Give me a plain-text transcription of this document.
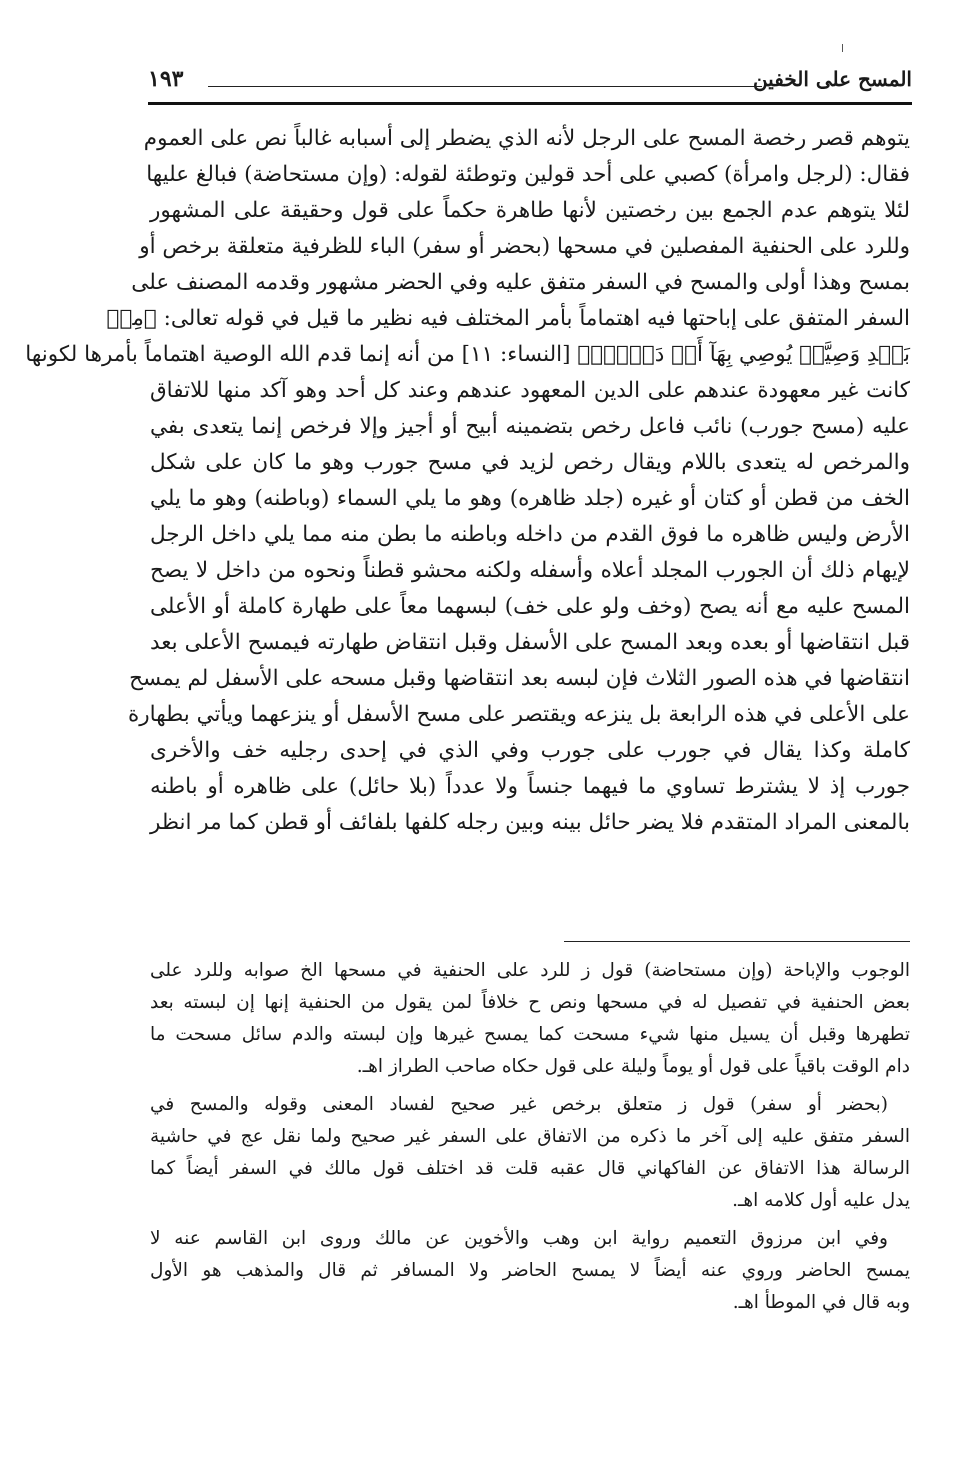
المسح على الخفين
١٩٣
يتوهم قصر رخصة المسح على الرجل لأنه الذي يضطر إلى أسبابه غالباً نص على العموم
فقال: (لرجل وامرأة) كصبي على أحد قولين وتوطئة لقوله: (وإن مستحاضة) فبالغ عليها
لئلا يتوهم عدم الجمع بين رخصتين لأنها طاهرة حكماً على قول وحقيقة على المشهور
وللرد على الحنفية المفصلين في مسحها (بحضر أو سفر) الباء للظرفية متعلقة برخص أو
بمسح وهذا أولى والمسح في السفر متفق عليه وفي الحضر مشهور وقدمه المصنف على
السفر المتفق على إباحتها فيه اهتماماً بأمر المختلف فيه نظير ما قيل في قوله تعالى: ﴿مِنۢ
بَعۡدِ وَصِيَّةٖ يُوصِي بِهَآ أَوۡ دَيۡنٍۗ﴾ [النساء: ١١] من أنه إنما قدم الله الوصية اهتماماً بأمرها لكونها
كانت غير معهودة عندهم على الدين المعهود عندهم وعند كل أحد وهو آكد منها للاتفاق
عليه (مسح جورب) نائب فاعل رخص بتضمينه أبيح أو أجيز وإلا فرخص إنما يتعدى بفي
والمرخص له يتعدى باللام ويقال رخص لزيد في مسح جورب وهو ما كان على شكل
الخف من قطن أو كتان أو غيره (جلد ظاهره) وهو ما يلي السماء (وباطنه) وهو ما يلي
الأرض وليس ظاهره ما فوق القدم من داخله وباطنه ما بطن منه مما يلي داخل الرجل
لإيهام ذلك أن الجورب المجلد أعلاه وأسفله ولكنه محشو قطناً ونحوه من داخل لا يصح
المسح عليه مع أنه يصح (وخف ولو على خف) لبسهما معاً على طهارة كاملة أو الأعلى
قبل انتقاضها أو بعده وبعد المسح على الأسفل وقبل انتقاض طهارته فيمسح الأعلى بعد
انتقاضها في هذه الصور الثلاث فإن لبسه بعد انتقاضها وقبل مسحه على الأسفل لم يمسح
على الأعلى في هذه الرابعة بل ينزعه ويقتصر على مسح الأسفل أو ينزعهما ويأتي بطهارة
كاملة وكذا يقال في جورب على جورب وفي الذي في إحدى رجليه خف والأخرى
جورب إذ لا يشترط تساوي ما فيهما جنساً ولا عدداً (بلا حائل) على ظاهره أو باطنه
بالمعنى المراد المتقدم فلا يضر حائل بينه وبين رجله كلفها بلفائف أو قطن كما مر انظر
الوجوب والإباحة (وإن مستحاضة) قول ز للرد على الحنفية في مسحها الخ صوابه وللرد على
بعض الحنفية في تفصيل له في مسحها ونص ح خلافاً لمن يقول من الحنفية إنها إن لبسته بعد
تطهرها وقبل أن يسيل منها شيء مسحت كما يمسح غيرها وإن لبسته والدم سائل مسحت ما
دام الوقت باقياً على قول أو يوماً وليلة على قول حكاه صاحب الطراز اهـ.
(بحضر أو سفر) قول ز متعلق برخص غير صحيح لفساد المعنى وقوله والمسح في
السفر متفق عليه إلى آخر ما ذكره من الاتفاق على السفر غير صحيح ولما نقل عج في حاشية
الرسالة هذا الاتفاق عن الفاكهاني قال عقبه قلت قد اختلف قول مالك في السفر أيضاً كما
يدل عليه أول كلامه اهـ.
وفي ابن مرزوق التعميم رواية ابن وهب والأخوين عن مالك وروى ابن القاسم عنه لا
يمسح الحاضر وروي عنه أيضاً لا يمسح الحاضر ولا المسافر ثم قال والمذهب هو الأول
وبه قال في الموطأ اهـ.
